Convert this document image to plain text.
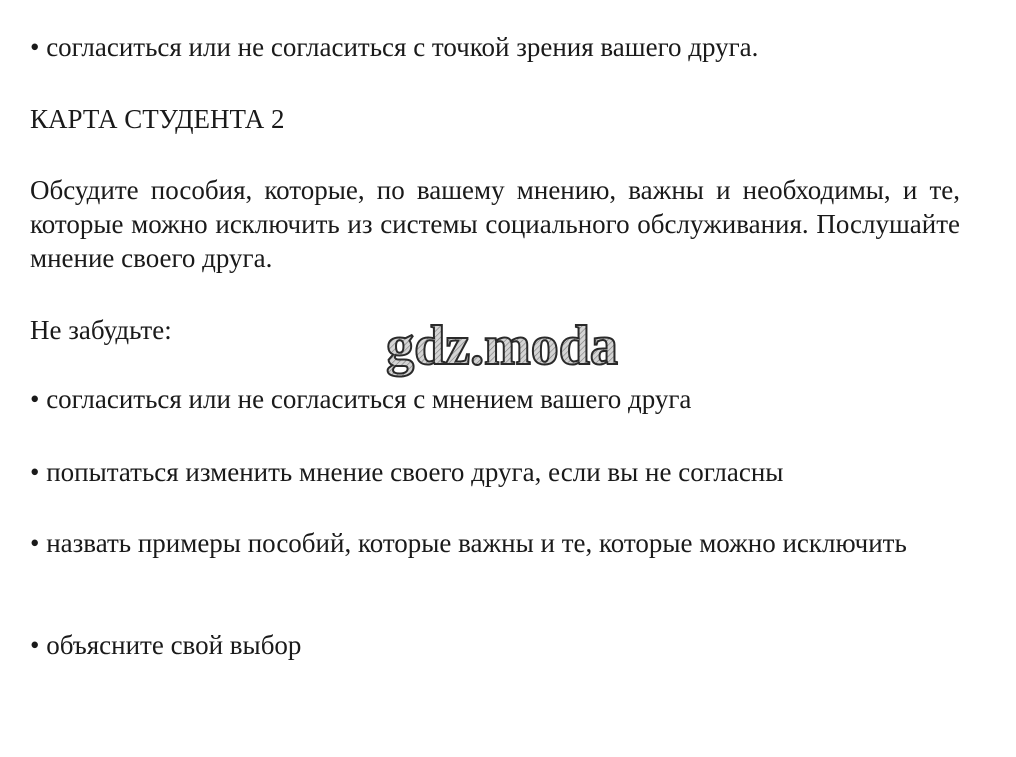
• согласиться или не согласиться с точкой зрения вашего друга.
КАРТА СТУДЕНТА 2
Обсудите пособия, которые, по вашему мнению, важны и необходимы, и те, которые можно исключить из системы социального обслуживания. Послушайте мнение своего друга.
Не забудьте:	gdz.moda
• согласиться или не согласиться с мнением вашего друга
• попытаться изменить мнение своего друга, если вы не согласны
• назвать примеры пособий, которые важны и те, которые можно исключить
• объясните свой выбор
